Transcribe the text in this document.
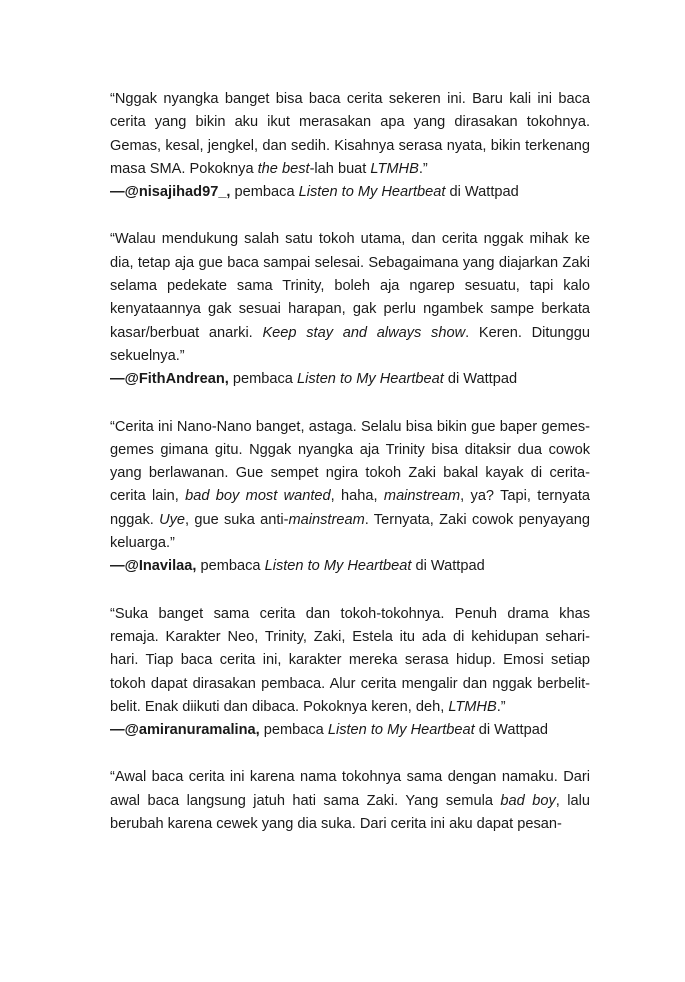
“Nggak nyangka banget bisa baca cerita sekeren ini. Baru kali ini baca cerita yang bikin aku ikut merasakan apa yang dirasakan tokohnya. Gemas, kesal, jengkel, dan sedih. Kisahnya serasa nyata, bikin terkenang masa SMA. Pokoknya the best-lah buat LTMHB.”

—@nisajihad97_, pembaca Listen to My Heartbeat di Wattpad

“Walau mendukung salah satu tokoh utama, dan cerita nggak mihak ke dia, tetap aja gue baca sampai selesai. Sebagaimana yang diajarkan Zaki selama pedekate sama Trinity, boleh aja ngarep sesuatu, tapi kalo kenyataannya gak sesuai harapan, gak perlu ngambek sampe berkata kasar/berbuat anarki. Keep stay and always show. Keren. Ditunggu sekuelnya.”

—@FithAndrean, pembaca Listen to My Heartbeat di Wattpad

“Cerita ini Nano-Nano banget, astaga. Selalu bisa bikin gue baper gemes-gemes gimana gitu. Nggak nyangka aja Trinity bisa ditaksir dua cowok yang berlawanan. Gue sempet ngira tokoh Zaki bakal kayak di cerita-cerita lain, bad boy most wanted, haha, mainstream, ya? Tapi, ternyata nggak. Uye, gue suka anti-mainstream. Ternyata, Zaki cowok penyayang keluarga.”

—@Inavilaa, pembaca Listen to My Heartbeat di Wattpad

“Suka banget sama cerita dan tokoh-tokohnya. Penuh drama khas remaja. Karakter Neo, Trinity, Zaki, Estela itu ada di kehidupan sehari-hari. Tiap baca cerita ini, karakter mereka serasa hidup. Emosi setiap tokoh dapat dirasakan pembaca. Alur cerita mengalir dan nggak berbelit-belit. Enak diikuti dan dibaca. Pokoknya keren, deh, LTMHB.”

—@amiranuramalina, pembaca Listen to My Heartbeat di Wattpad

“Awal baca cerita ini karena nama tokohnya sama dengan namaku. Dari awal baca langsung jatuh hati sama Zaki. Yang semula bad boy, lalu berubah karena cewek yang dia suka. Dari cerita ini aku dapat pesan-
